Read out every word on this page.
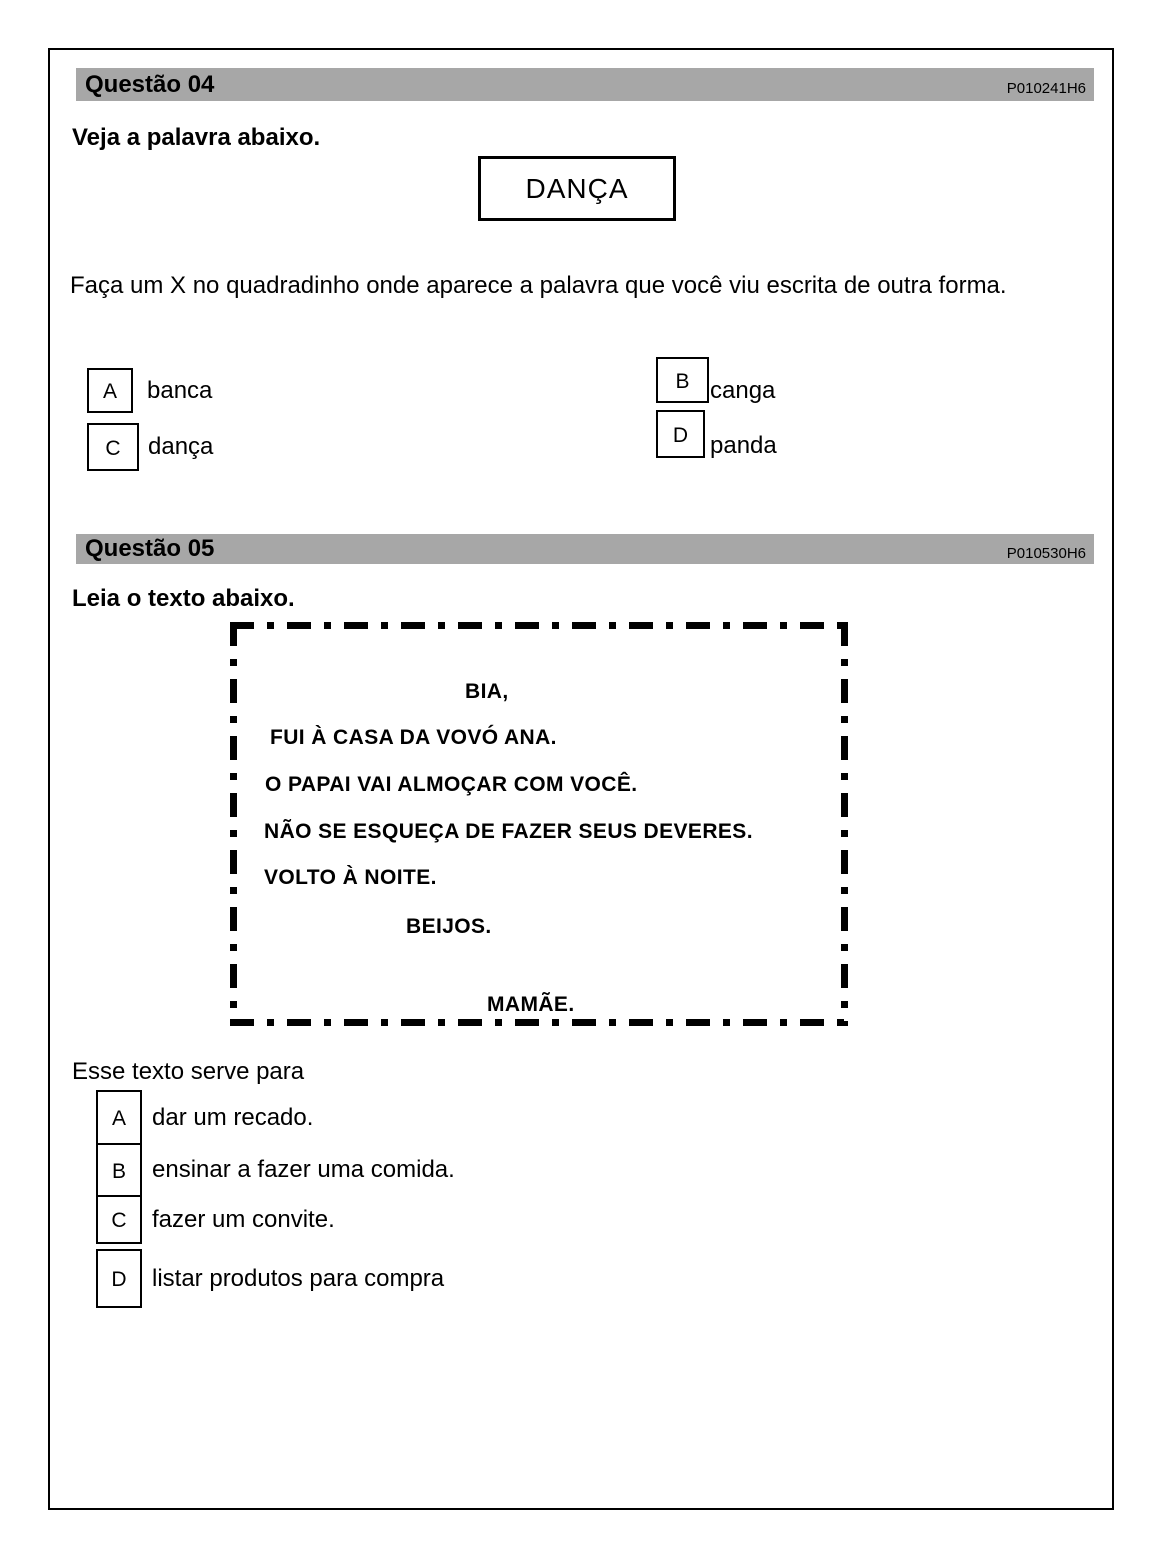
Questão 04	P010241H6
Veja a palavra abaixo.
DANÇA
Faça um X no quadradinho onde aparece a palavra que você viu escrita de outra forma.
A	banca	B canga
C	dança	D panda
Questão 05	P010530H6
Leia o texto abaixo.
BIA,
FUI À CASA DA VOVÓ ANA.
O PAPAI VAI ALMOÇAR COM VOCÊ.
NÃO SE ESQUEÇA DE FAZER SEUS DEVERES.
VOLTO À NOITE.
BEIJOS.
MAMÃE.
Esse texto serve para
A	dar um recado.
B	ensinar a fazer uma comida.
C	fazer um convite.
D	listar produtos para compra
